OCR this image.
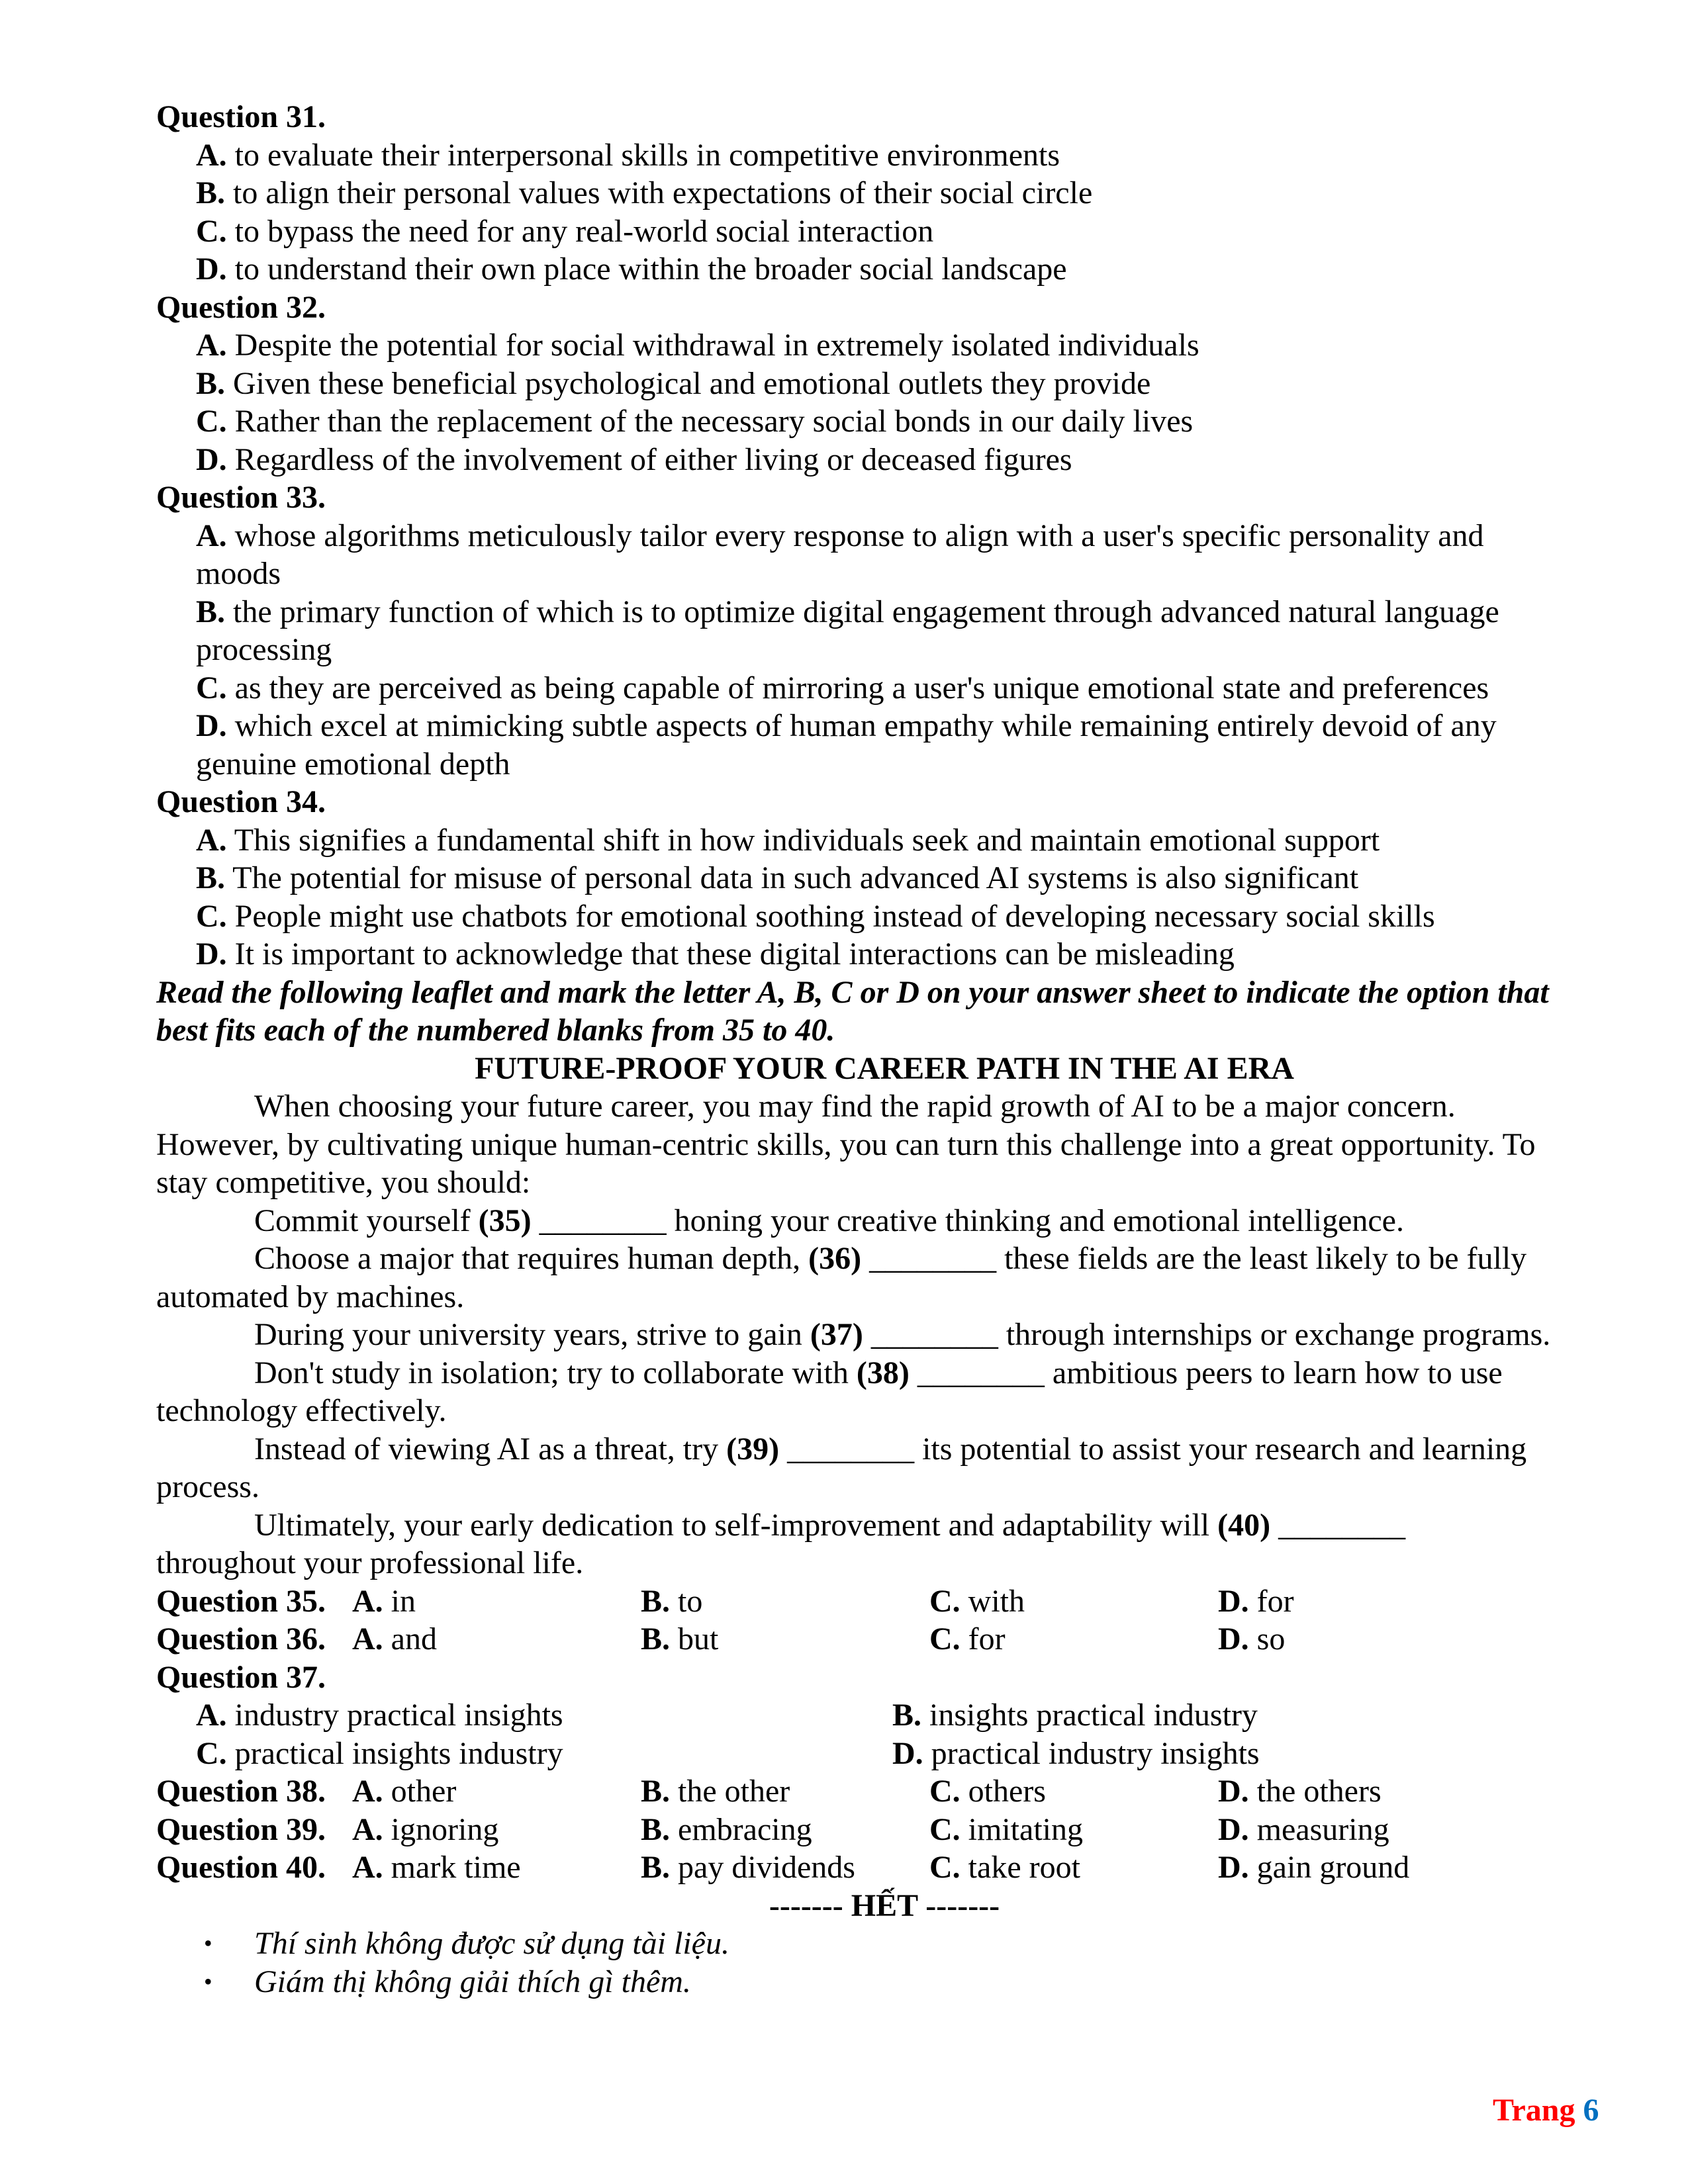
Question 31.
A. to evaluate their interpersonal skills in competitive environments
B. to align their personal values with expectations of their social circle
C. to bypass the need for any real-world social interaction
D. to understand their own place within the broader social landscape
Question 32.
A. Despite the potential for social withdrawal in extremely isolated individuals
B. Given these beneficial psychological and emotional outlets they provide
C. Rather than the replacement of the necessary social bonds in our daily lives
D. Regardless of the involvement of either living or deceased figures
Question 33.
A. whose algorithms meticulously tailor every response to align with a user's specific personality and
moods
B. the primary function of which is to optimize digital engagement through advanced natural language
processing
C. as they are perceived as being capable of mirroring a user's unique emotional state and preferences
D. which excel at mimicking subtle aspects of human empathy while remaining entirely devoid of any
genuine emotional depth
Question 34.
A. This signifies a fundamental shift in how individuals seek and maintain emotional support
B. The potential for misuse of personal data in such advanced AI systems is also significant
C. People might use chatbots for emotional soothing instead of developing necessary social skills
D. It is important to acknowledge that these digital interactions can be misleading
Read the following leaflet and mark the letter A, B, C or D on your answer sheet to indicate the option that
best fits each of the numbered blanks from 35 to 40.
FUTURE-PROOF YOUR CAREER PATH IN THE AI ERA
When choosing your future career, you may find the rapid growth of AI to be a major concern.
However, by cultivating unique human-centric skills, you can turn this challenge into a great opportunity. To
stay competitive, you should:
Commit yourself (35) ________ honing your creative thinking and emotional intelligence.
Choose a major that requires human depth, (36) ________ these fields are the least likely to be fully
automated by machines.
During your university years, strive to gain (37) ________ through internships or exchange programs.
Don't study in isolation; try to collaborate with (38) ________ ambitious peers to learn how to use
technology effectively.
Instead of viewing AI as a threat, try (39) ________ its potential to assist your research and learning
process.
Ultimately, your early dedication to self-improvement and adaptability will (40) ________
throughout your professional life.
Question 35. A. in	B. to	C. with	D. for
Question 36. A. and	B. but	C. for	D. so
Question 37.
A. industry practical insights	B. insights practical industry
C. practical insights industry	D. practical industry insights
Question 38. A. other	B. the other	C. others	D. the others
Question 39. A. ignoring	B. embracing	C. imitating	D. measuring
Question 40. A. mark time	B. pay dividends	C. take root	D. gain ground
------- HẾT -------
• Thí sinh không được sử dụng tài liệu.
• Giám thị không giải thích gì thêm.
Trang 6
